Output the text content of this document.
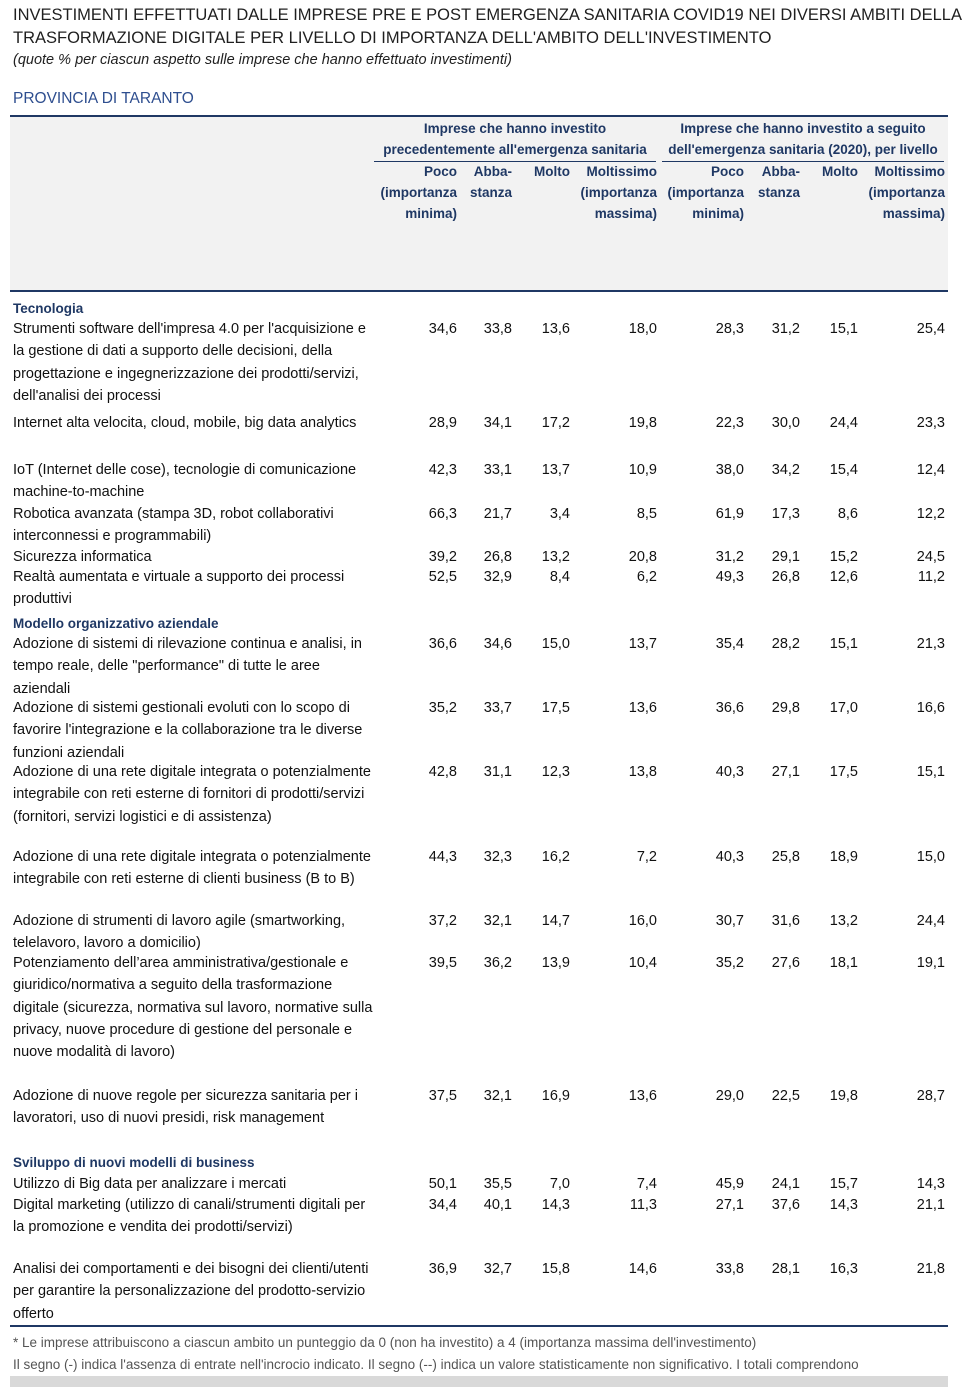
INVESTIMENTI EFFETTUATI DALLE IMPRESE PRE E POST EMERGENZA SANITARIA COVID19 NEI DIVERSI AMBITI DELLA TRASFORMAZIONE DIGITALE PER LIVELLO DI IMPORTANZA DELL'AMBITO DELL'INVESTIMENTO
(quote % per ciascun aspetto sulle imprese che hanno effettuato investimenti)
PROVINCIA DI TARANTO
Imprese che hanno investito precedentemente all'emergenza sanitaria
Imprese che hanno investito a seguito dell'emergenza sanitaria (2020), per livello
Poco (importanza minima)
Abba- stanza
Molto	Moltissimo (importanza massima)
Poco (importanza minima)
Abba- stanza
Molto	Moltissimo (importanza massima)
Tecnologia
Modello organizzativo aziendale
Sviluppo di nuovi modelli di business
Strumenti software dell'impresa 4.0 per l'acquisizione e la gestione di dati a supporto delle decisioni, della progettazione e ingegnerizzazione dei prodotti/servizi, dell'analisi dei processi
34,6	33,8	13,6	18,0	28,3	31,2	15,1	25,4
Internet alta velocita, cloud, mobile, big data analytics	28,9	34,1	17,2	19,8	22,3	30,0	24,4	23,3
IoT (Internet delle cose), tecnologie di comunicazione machine-to-machine
42,3	33,1	13,7	10,9	38,0	34,2	15,4	12,4
Robotica avanzata (stampa 3D, robot collaborativi interconnessi e programmabili)
66,3	21,7	3,4	8,5	61,9	17,3	8,6	12,2
Sicurezza informatica	39,2	26,8	13,2	20,8	31,2	29,1	15,2	24,5
Realtà aumentata e virtuale a supporto dei processi produttivi
52,5	32,9	8,4	6,2	49,3	26,8	12,6	11,2
Adozione di sistemi di rilevazione continua e analisi, in tempo reale, delle "performance" di tutte le aree aziendali
36,6	34,6	15,0	13,7	35,4	28,2	15,1	21,3
Adozione di sistemi gestionali evoluti con lo scopo di favorire l'integrazione e la collaborazione tra le diverse funzioni aziendali
35,2	33,7	17,5	13,6	36,6	29,8	17,0	16,6
Adozione di una rete digitale integrata o potenzialmente integrabile con reti esterne di fornitori di prodotti/servizi (fornitori, servizi logistici e di assistenza)
42,8	31,1	12,3	13,8	40,3	27,1	17,5	15,1
Adozione di una rete digitale integrata o potenzialmente integrabile con reti esterne di clienti business (B to B)
44,3	32,3	16,2	7,2	40,3	25,8	18,9	15,0
Adozione di strumenti di lavoro agile (smartworking, telelavoro, lavoro a domicilio)
37,2	32,1	14,7	16,0	30,7	31,6	13,2	24,4
Potenziamento dell’area amministrativa/gestionale e giuridico/normativa a seguito della trasformazione digitale (sicurezza, normativa sul lavoro, normative sulla privacy, nuove procedure di gestione del personale e nuove modalità di lavoro)
39,5	36,2	13,9	10,4	35,2	27,6	18,1	19,1
Adozione di nuove regole per sicurezza sanitaria per i lavoratori, uso di nuovi presidi, risk management
37,5	32,1	16,9	13,6	29,0	22,5	19,8	28,7
Utilizzo di Big data per analizzare i mercati	50,1	35,5	7,0	7,4	45,9	24,1	15,7	14,3
Digital marketing (utilizzo di canali/strumenti digitali per la promozione e vendita dei prodotti/servizi)
34,4	40,1	14,3	11,3	27,1	37,6	14,3	21,1
Analisi dei comportamenti e dei bisogni dei clienti/utenti per garantire la personalizzazione del prodotto-servizio offerto
36,9	32,7	15,8	14,6	33,8	28,1	16,3	21,8
* Le imprese attribuiscono a ciascun ambito un punteggio da 0 (non ha investito) a 4 (importanza massima dell'investimento)
Il segno (-) indica l'assenza di entrate nell'incrocio indicato. Il segno (--) indica un valore statisticamente non significativo. I totali comprendono
